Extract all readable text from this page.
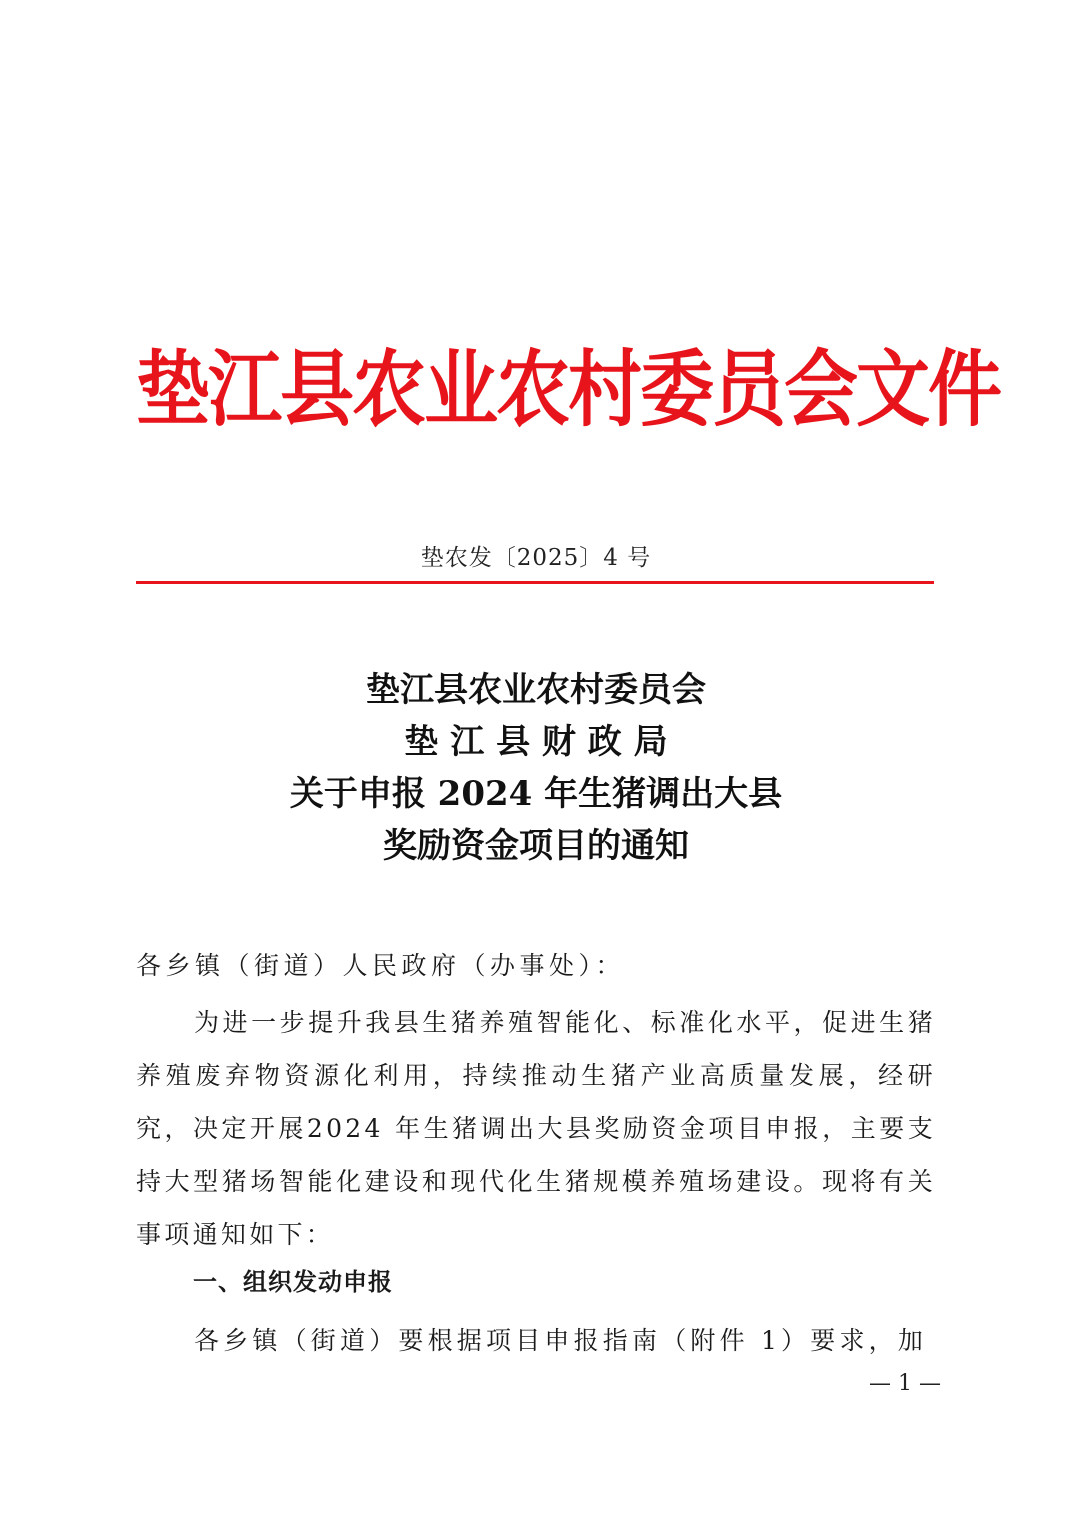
垫江县农业农村委员会文件
垫农发〔2025〕4 号
垫江县农业农村委员会
垫 江 县 财 政 局
关于申报 2024 年生猪调出大县
奖励资金项目的通知
各乡镇（街道）人民政府（办事处）：
为进一步提升我县生猪养殖智能化、标准化水平，促进生猪养殖废弃物资源化利用，持续推动生猪产业高质量发展，经研究，决定开展2024 年生猪调出大县奖励资金项目申报，主要支持大型猪场智能化建设和现代化生猪规模养殖场建设。现将有关事项通知如下：
一、组织发动申报
各乡镇（街道）要根据项目申报指南（附件 1）要求，加
— 1 —
